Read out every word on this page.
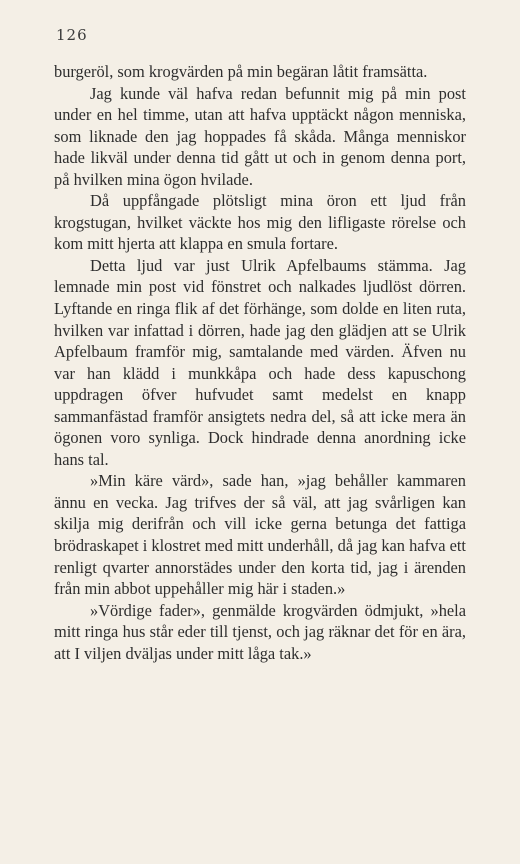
126

burgeröl, som krogvärden på min begäran låtit framsätta.

Jag kunde väl hafva redan befunnit mig på min post under en hel timme, utan att hafva upptäckt någon menniska, som liknade den jag hoppades få skåda. Många menniskor hade likväl under denna tid gått ut och in genom denna port, på hvilken mina ögon hvilade.

Då uppfångade plötsligt mina öron ett ljud från krogstugan, hvilket väckte hos mig den lifligaste rörelse och kom mitt hjerta att klappa en smula fortare.

Detta ljud var just Ulrik Apfelbaums stämma. Jag lemnade min post vid fönstret och nalkades ljudlöst dörren. Lyftande en ringa flik af det förhänge, som dolde en liten ruta, hvilken var infattad i dörren, hade jag den glädjen att se Ulrik Apfelbaum framför mig, samtalande med värden. Äfven nu var han klädd i munkkåpa och hade dess kapuschong uppdragen öfver hufvudet samt medelst en knapp sammanfästad framför ansigtets nedra del, så att icke mera än ögonen voro synliga. Dock hindrade denna anordning icke hans tal.

»Min käre värd», sade han, »jag behåller kammaren ännu en vecka. Jag trifves der så väl, att jag svårligen kan skilja mig derifrån och vill icke gerna betunga det fattiga brödraskapet i klostret med mitt underhåll, då jag kan hafva ett renligt qvarter annorstädes under den korta tid, jag i ärenden från min abbot uppehåller mig här i staden.»

»Vördige fader», genmälde krogvärden ödmjukt, »hela mitt ringa hus står eder till tjenst, och jag räknar det för en ära, att I viljen dväljas under mitt låga tak.»
